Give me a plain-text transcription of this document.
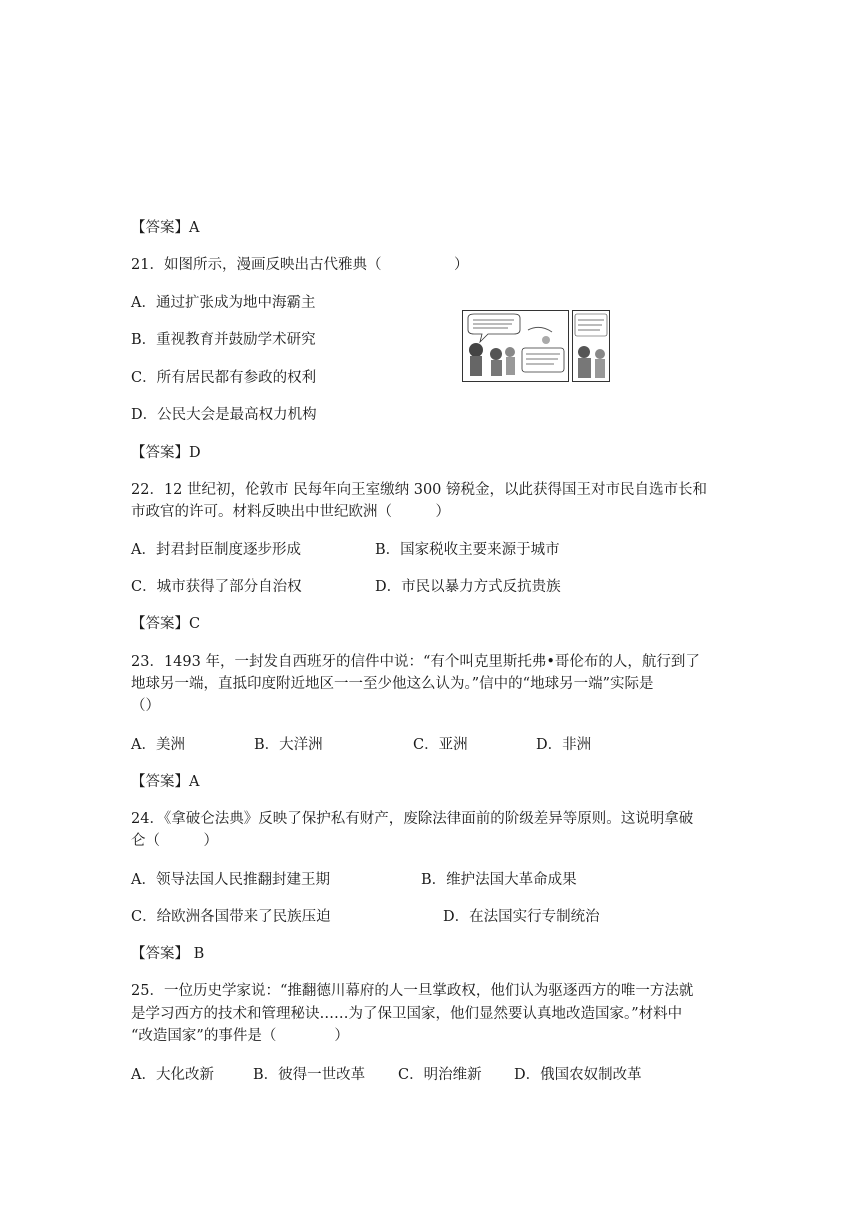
【答案】A
21．如图所示，漫画反映出古代雅典（　　　　　）
A．通过扩张成为地中海霸主
B．重视教育并鼓励学术研究
C．所有居民都有参政的权利
D．公民大会是最高权力机构
【答案】D
22．12 世纪初，伦敦市 民每年向王室缴纳 300 镑税金，以此获得国王对市民自选市长和
市政官的许可。材料反映出中世纪欧洲（　　　）
A．封君封臣制度逐步形成	B．国家税收主要来源于城市
C．城市获得了部分自治权	D．市民以暴力方式反抗贵族
【答案】C
23．1493 年，一封发自西班牙的信件中说：“有个叫克里斯托弗•哥伦布的人，航行到了
地球另一端，直抵印度附近地区一一至少他这么认为。”信中的“地球另一端”实际是
（）
A．美洲	B．大洋洲	C．亚洲	D．非洲
【答案】A
24．《拿破仑法典》反映了保护私有财产，废除法律面前的阶级差异等原则。这说明拿破
仑（　　　）
A．领导法国人民推翻封建王期	B．维护法国大革命成果
C．给欧洲各国带来了民族压迫	D．在法国实行专制统治
【答案】 B
25．一位历史学家说：“推翻德川幕府的人一旦掌政权，他们认为驱逐西方的唯一方法就
是学习西方的技术和管理秘诀……为了保卫国家，他们显然要认真地改造国家。”材料中
“改造国家”的事件是（　　　　）
A．大化改新	B．彼得一世改革 C．明治维新 D．俄国农奴制改革
